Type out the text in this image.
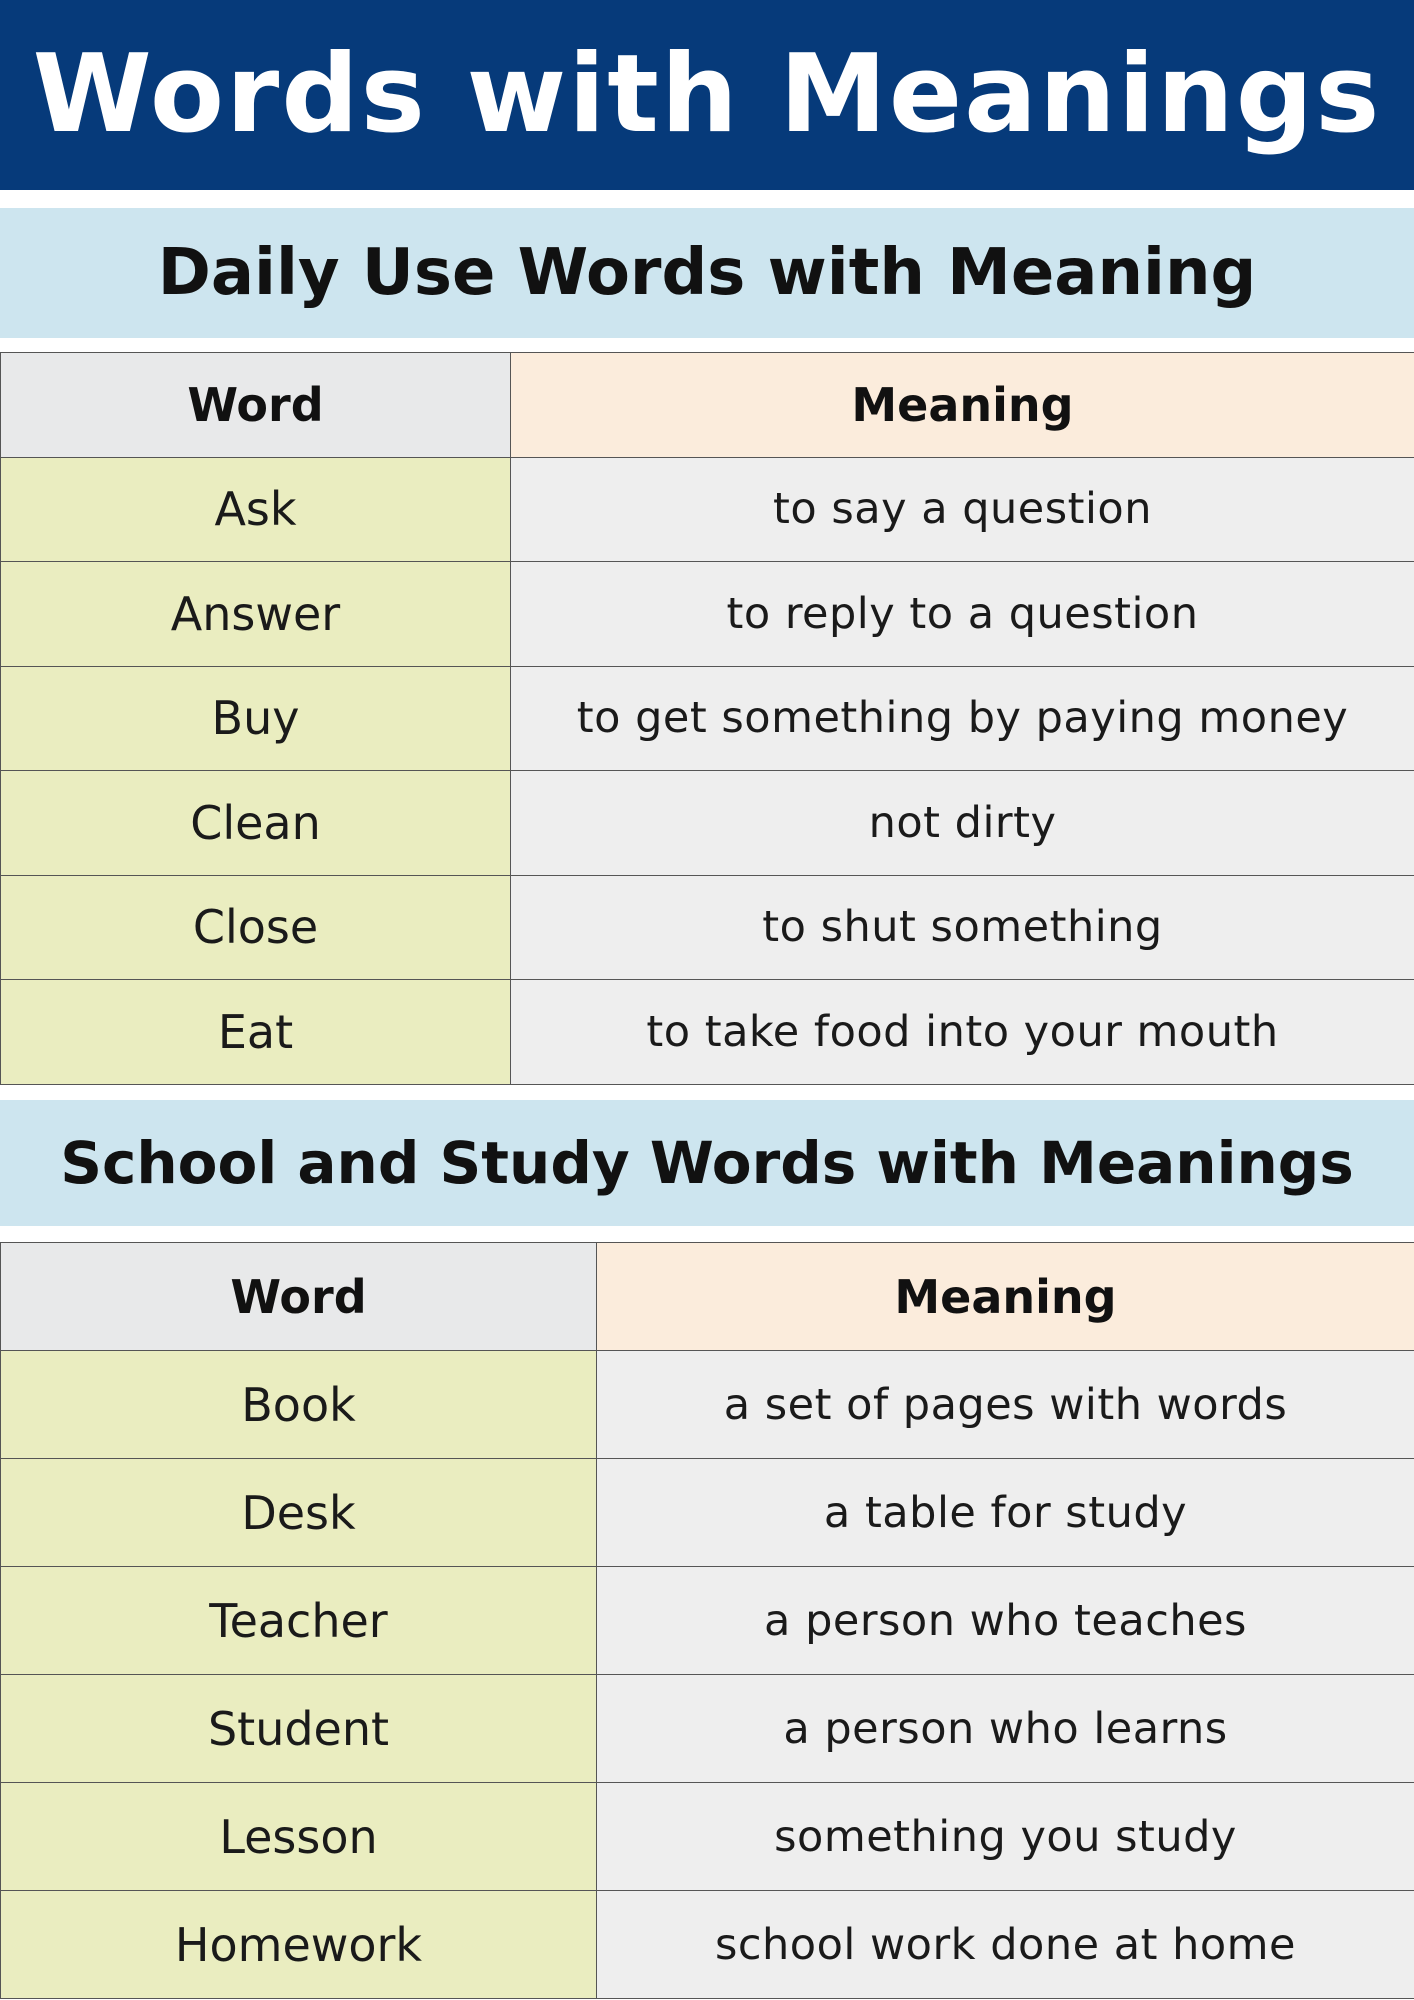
Words with Meanings
Daily Use Words with Meaning
Word	Meaning
Ask	to say a question
Answer	to reply to a question
Buy	to get something by paying money
Clean	not dirty
Close	to shut something
Eat	to take food into your mouth
School and Study Words with Meanings
Word	Meaning
Book	a set of pages with words
Desk	a table for study
Teacher	a person who teaches
Student	a person who learns
Lesson	something you study
Homework	school work done at home
